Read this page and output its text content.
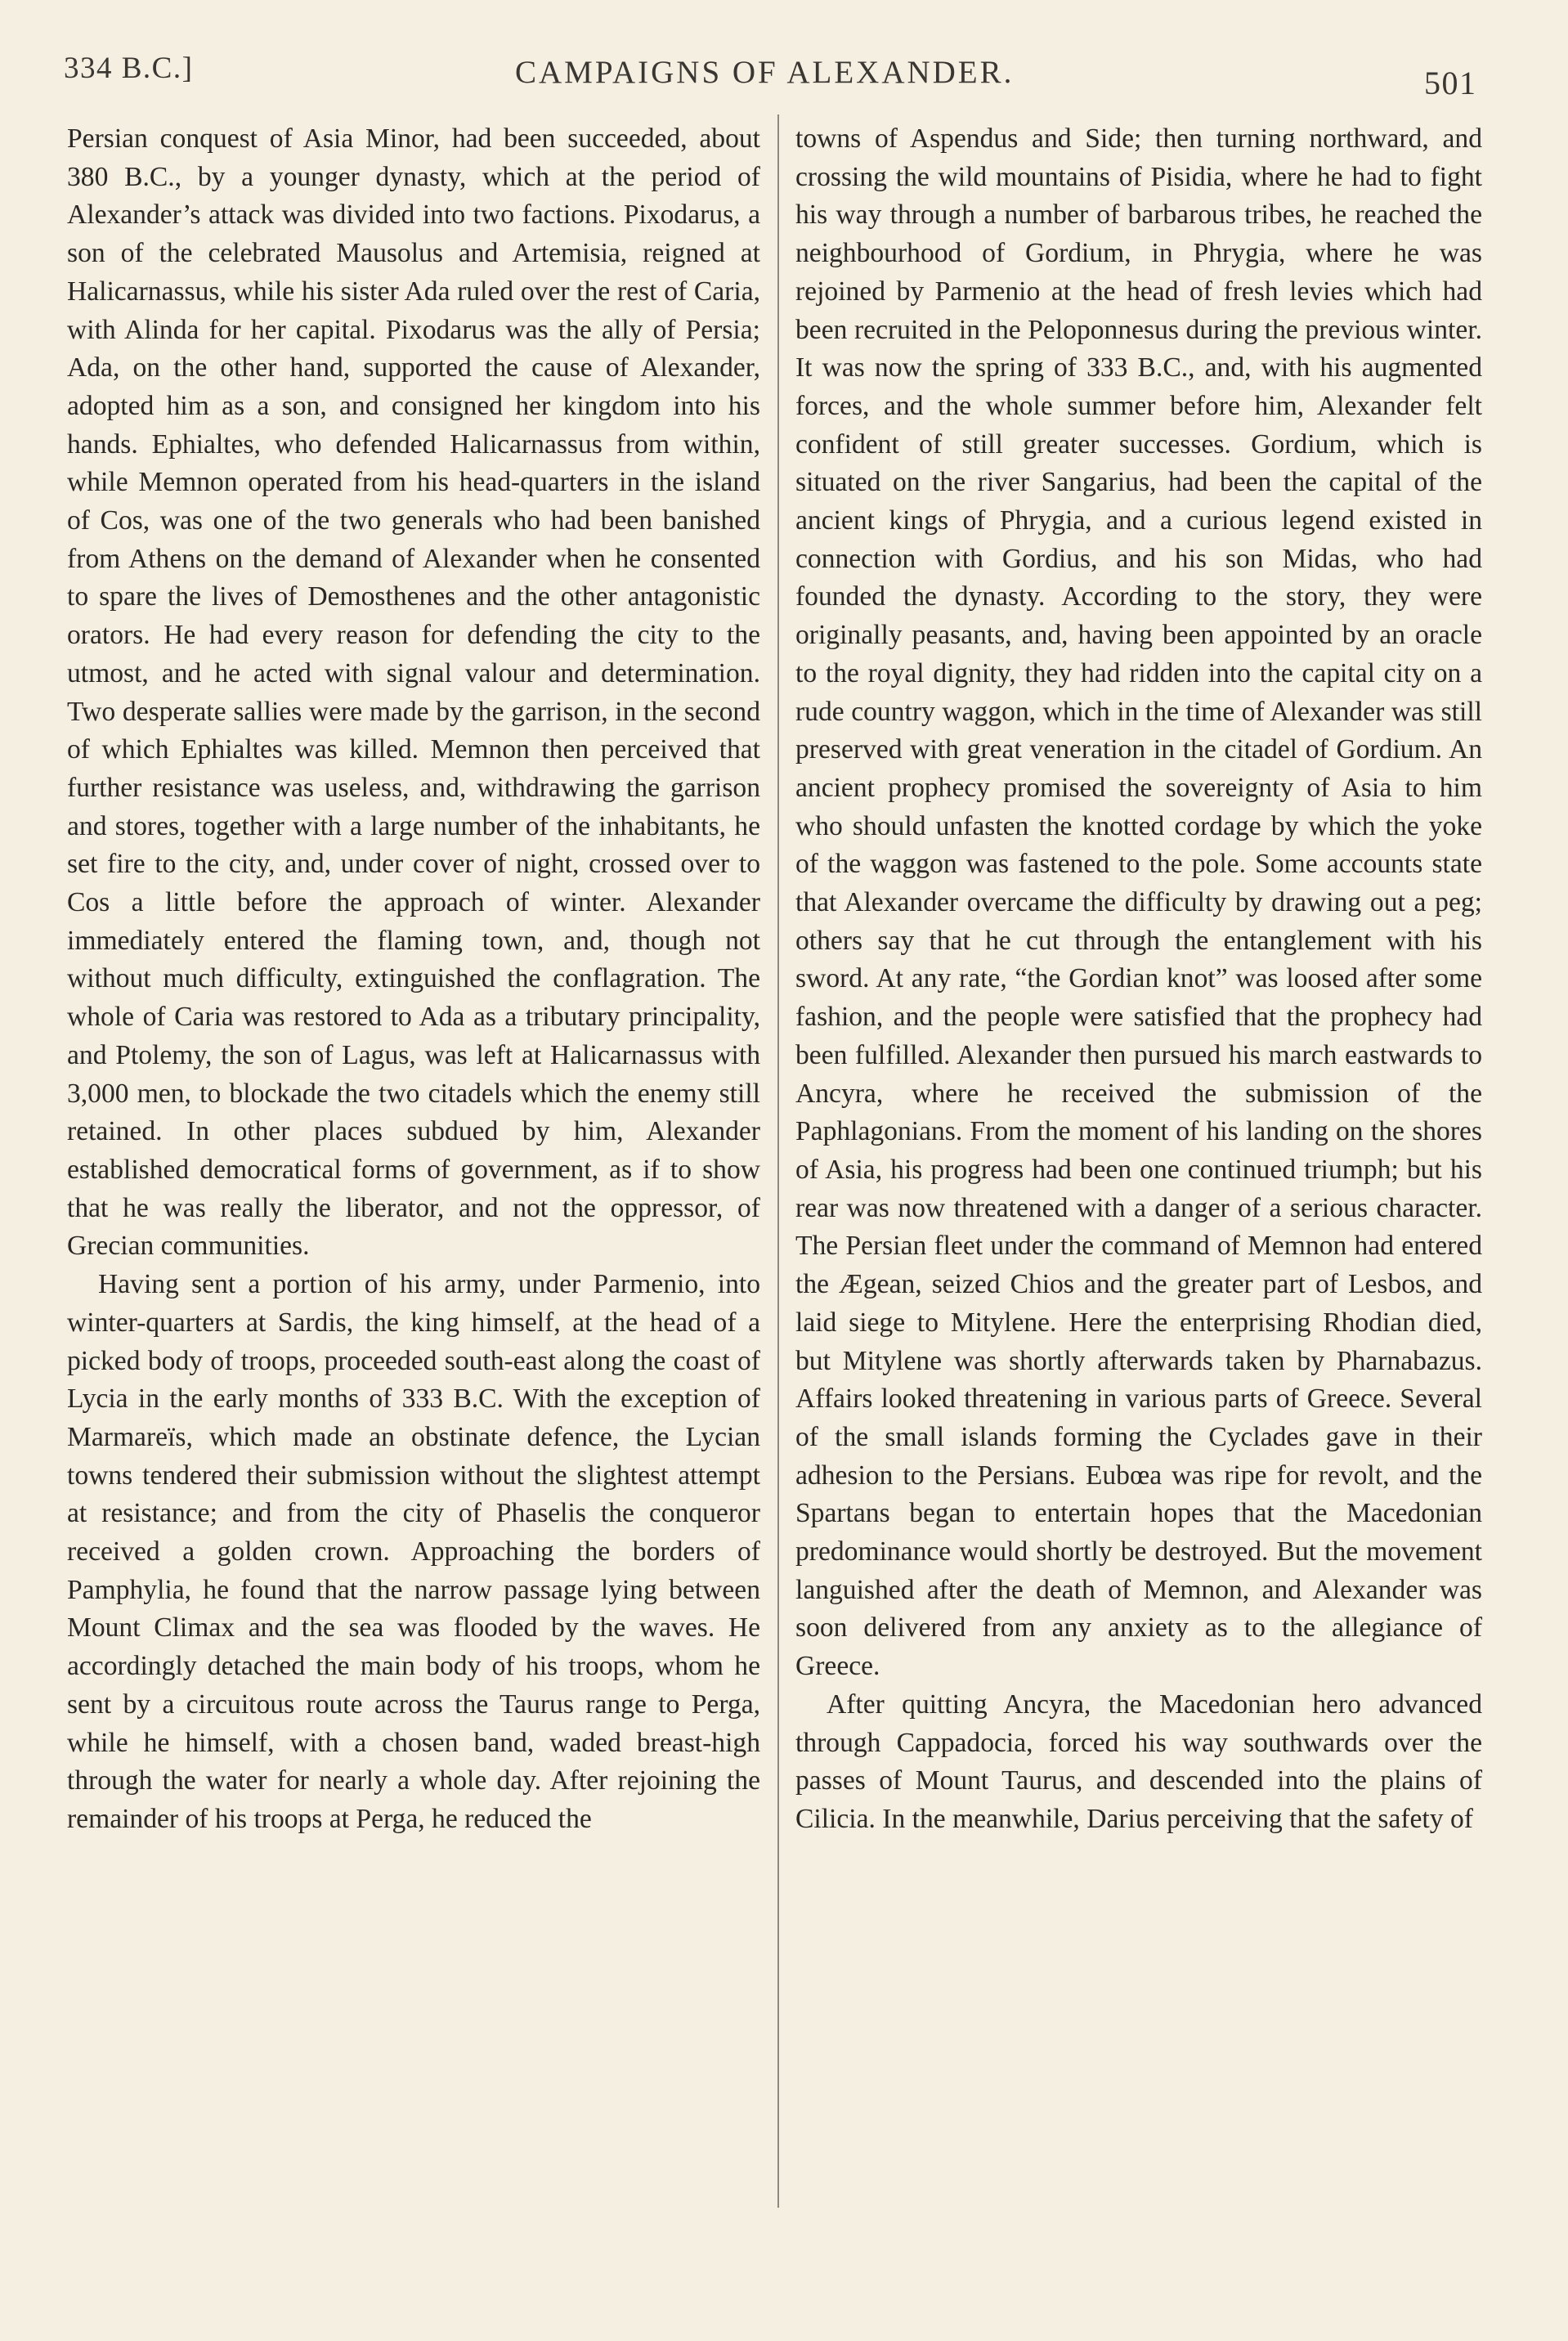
334 B.C.]	CAMPAIGNS OF ALEXANDER.	501

Persian conquest of Asia Minor, had been succeeded, about 380 B.C., by a younger dynasty, which at the period of Alexander’s attack was divided into two factions. Pixodarus, a son of the celebrated Mausolus and Artemisia, reigned at Halicarnassus, while his sister Ada ruled over the rest of Caria, with Alinda for her capital. Pixodarus was the ally of Persia; Ada, on the other hand, supported the cause of Alexander, adopted him as a son, and consigned her kingdom into his hands. Ephialtes, who defended Halicarnassus from within, while Memnon operated from his head-quarters in the island of Cos, was one of the two generals who had been banished from Athens on the demand of Alexander when he consented to spare the lives of Demosthenes and the other antagonistic orators. He had every reason for defending the city to the utmost, and he acted with signal valour and determination. Two desperate sallies were made by the garrison, in the second of which Ephialtes was killed. Memnon then perceived that further resistance was useless, and, withdrawing the garrison and stores, together with a large number of the inhabitants, he set fire to the city, and, under cover of night, crossed over to Cos a little before the approach of winter. Alexander immediately entered the flaming town, and, though not without much difficulty, extinguished the conflagration. The whole of Caria was restored to Ada as a tributary principality, and Ptolemy, the son of Lagus, was left at Halicarnassus with 3,000 men, to blockade the two citadels which the enemy still retained. In other places subdued by him, Alexander established democratical forms of government, as if to show that he was really the liberator, and not the oppressor, of Grecian communities.

Having sent a portion of his army, under Parmenio, into winter-quarters at Sardis, the king himself, at the head of a picked body of troops, proceeded south-east along the coast of Lycia in the early months of 333 B.C. With the exception of Marmareïs, which made an obstinate defence, the Lycian towns tendered their submission without the slightest attempt at resistance; and from the city of Phaselis the conqueror received a golden crown. Approaching the borders of Pamphylia, he found that the narrow passage lying between Mount Climax and the sea was flooded by the waves. He accordingly detached the main body of his troops, whom he sent by a circuitous route across the Taurus range to Perga, while he himself, with a chosen band, waded breast-high through the water for nearly a whole day. After rejoining the remainder of his troops at Perga, he reduced the

towns of Aspendus and Side; then turning northward, and crossing the wild mountains of Pisidia, where he had to fight his way through a number of barbarous tribes, he reached the neighbourhood of Gordium, in Phrygia, where he was rejoined by Parmenio at the head of fresh levies which had been recruited in the Peloponnesus during the previous winter. It was now the spring of 333 B.C., and, with his augmented forces, and the whole summer before him, Alexander felt confident of still greater successes. Gordium, which is situated on the river Sangarius, had been the capital of the ancient kings of Phrygia, and a curious legend existed in connection with Gordius, and his son Midas, who had founded the dynasty. According to the story, they were originally peasants, and, having been appointed by an oracle to the royal dignity, they had ridden into the capital city on a rude country waggon, which in the time of Alexander was still preserved with great veneration in the citadel of Gordium. An ancient prophecy promised the sovereignty of Asia to him who should unfasten the knotted cordage by which the yoke of the waggon was fastened to the pole. Some accounts state that Alexander overcame the difficulty by drawing out a peg; others say that he cut through the entanglement with his sword. At any rate, “the Gordian knot” was loosed after some fashion, and the people were satisfied that the prophecy had been fulfilled. Alexander then pursued his march eastwards to Ancyra, where he received the submission of the Paphlagonians. From the moment of his landing on the shores of Asia, his progress had been one continued triumph; but his rear was now threatened with a danger of a serious character. The Persian fleet under the command of Memnon had entered the Ægean, seized Chios and the greater part of Lesbos, and laid siege to Mitylene. Here the enterprising Rhodian died, but Mitylene was shortly afterwards taken by Pharnabazus. Affairs looked threatening in various parts of Greece. Several of the small islands forming the Cyclades gave in their adhesion to the Persians. Eubœa was ripe for revolt, and the Spartans began to entertain hopes that the Macedonian predominance would shortly be destroyed. But the movement languished after the death of Memnon, and Alexander was soon delivered from any anxiety as to the allegiance of Greece.

After quitting Ancyra, the Macedonian hero advanced through Cappadocia, forced his way southwards over the passes of Mount Taurus, and descended into the plains of Cilicia. In the meanwhile, Darius perceiving that the safety of
